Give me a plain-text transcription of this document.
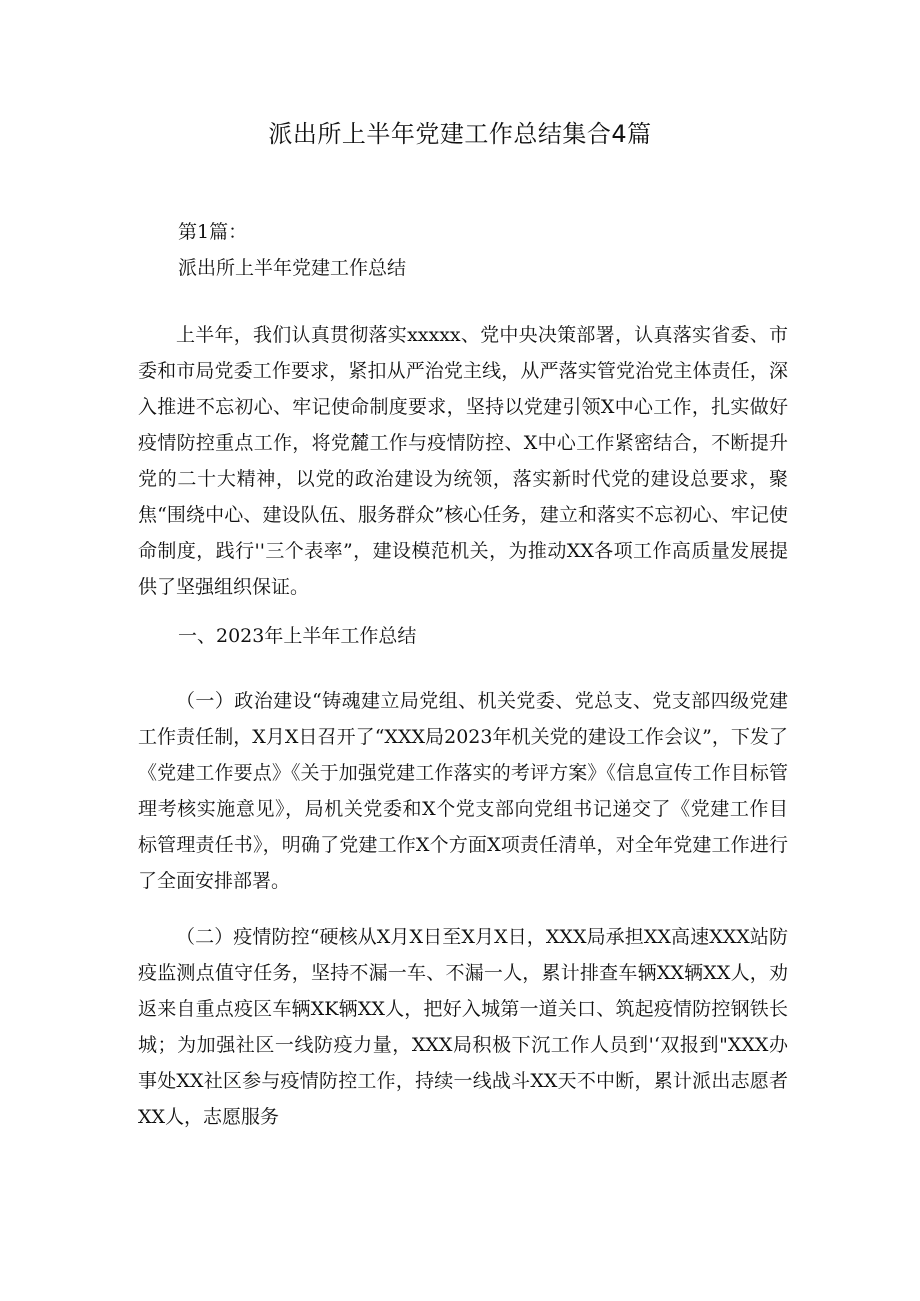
派出所上半年党建工作总结集合4篇

第1篇：

派出所上半年党建工作总结

上半年，我们认真贯彻落实xxxxx、党中央决策部署，认真落实省委、市委和市局党委工作要求，紧扣从严治党主线，从严落实管党治党主体责任，深入推进不忘初心、牢记使命制度要求，坚持以党建引领X中心工作，扎实做好疫情防控重点工作，将党麓工作与疫情防控、X中心工作紧密结合，不断提升党的二十大精神，以党的政治建设为统领，落实新时代党的建设总要求，聚焦“围绕中心、建设队伍、服务群众”核心任务，建立和落实不忘初心、牢记使命制度，践行''三个表率”，建设模范机关，为推动XX各项工作高质量发展提供了坚强组织保证。

一、2023年上半年工作总结

（一）政治建设“铸魂建立局党组、机关党委、党总支、党支部四级党建工作责任制，X月X日召开了“XXX局2023年机关党的建设工作会议”，下发了《党建工作要点》《关于加强党建工作落实的考评方案》《信息宣传工作目标管理考核实施意见》，局机关党委和X个党支部向党组书记递交了《党建工作目标管理责任书》，明确了党建工作X个方面X项责任清单，对全年党建工作进行了全面安排部署。

（二）疫情防控“硬核从X月X日至X月X日，XXX局承担XX高速XXX站防疫监测点值守任务，坚持不漏一车、不漏一人，累计排查车辆XX辆XX人，劝返来自重点疫区车辆XK辆XX人，把好入城第一道关口、筑起疫情防控钢铁长城；为加强社区一线防疫力量，XXX局积极下沉工作人员到'‘双报到"XXX办事处XX社区参与疫情防控工作，持续一线战斗XX天不中断，累计派出志愿者XX人，志愿服务
